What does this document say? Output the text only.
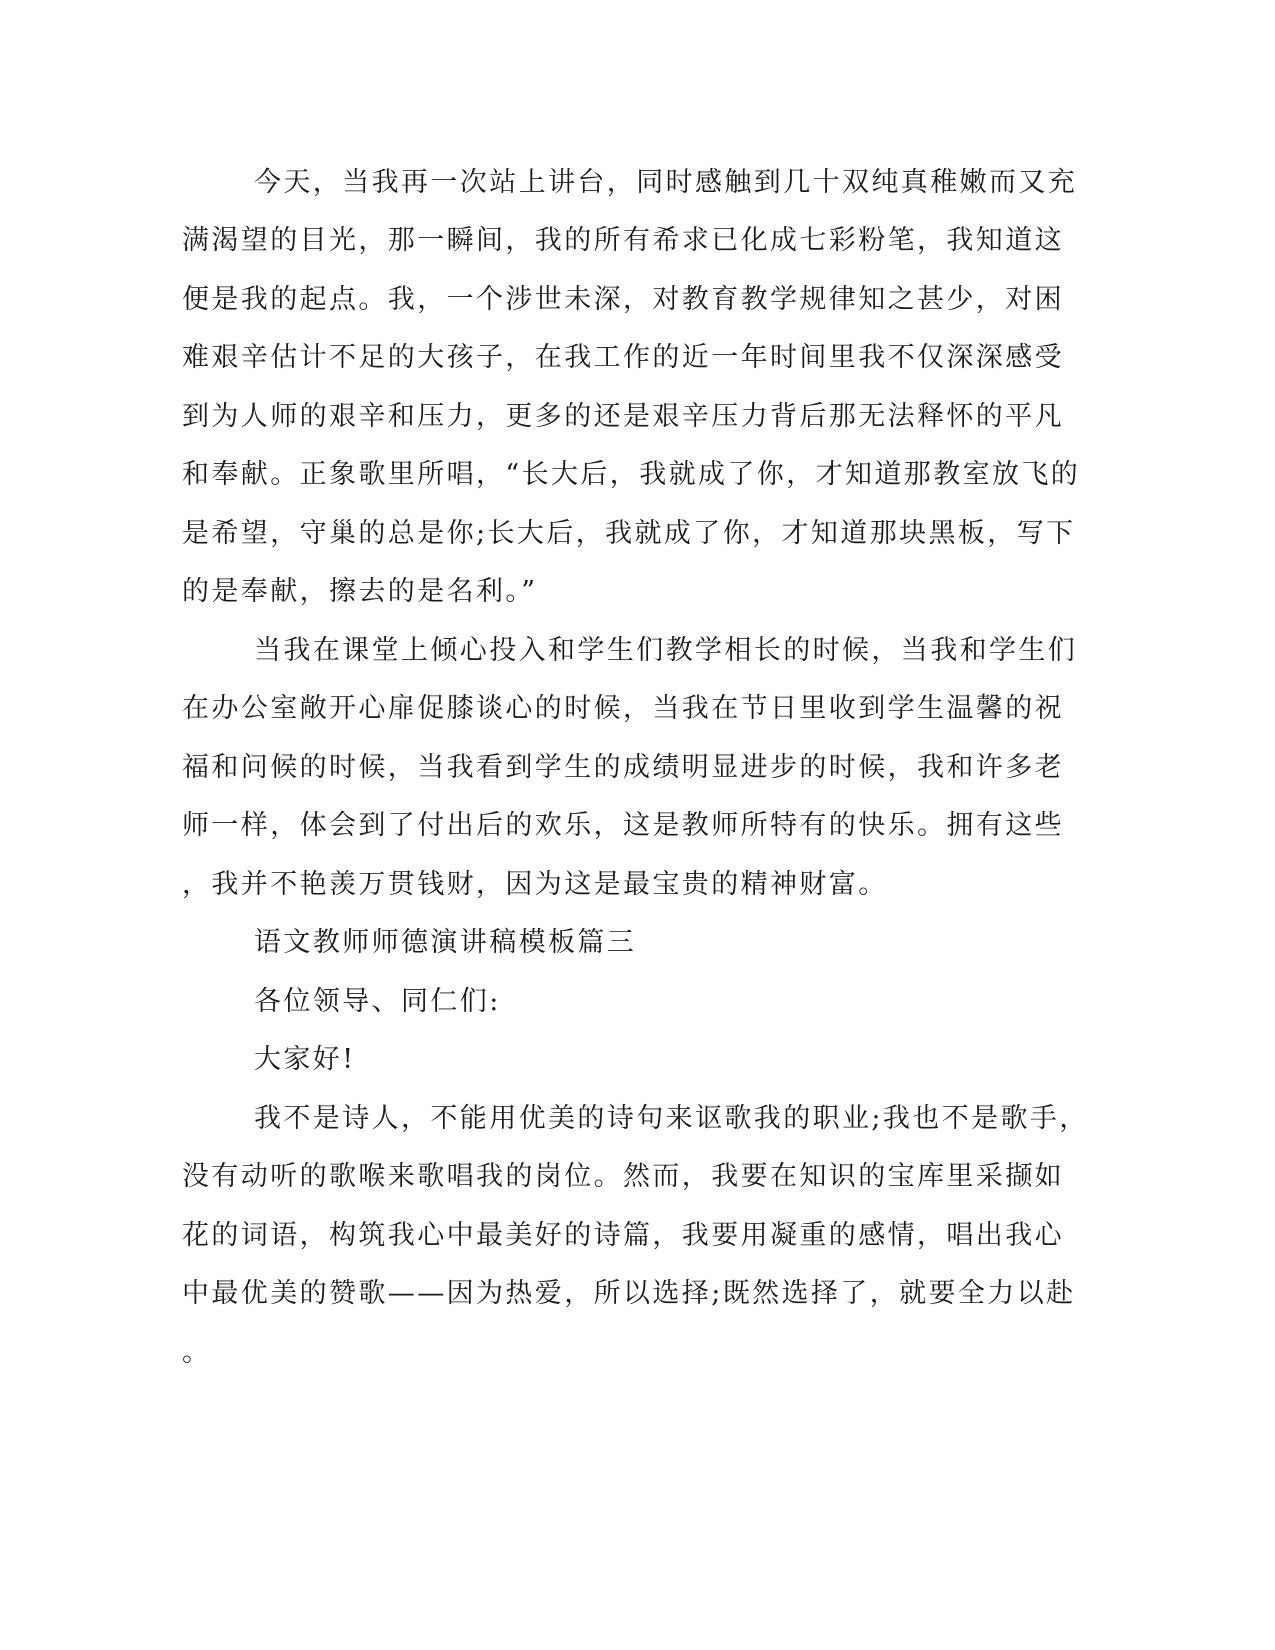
今天，当我再一次站上讲台，同时感触到几十双纯真稚嫩而又充
满渴望的目光，那一瞬间，我的所有希求已化成七彩粉笔，我知道这
便是我的起点。我，一个涉世未深，对教育教学规律知之甚少，对困
难艰辛估计不足的大孩子，在我工作的近一年时间里我不仅深深感受
到为人师的艰辛和压力，更多的还是艰辛压力背后那无法释怀的平凡
和奉献。正象歌里所唱，“长大后，我就成了你，才知道那教室放飞的
是希望，守巢的总是你;长大后，我就成了你，才知道那块黑板，写下
的是奉献，擦去的是名利。”
当我在课堂上倾心投入和学生们教学相长的时候，当我和学生们
在办公室敞开心扉促膝谈心的时候，当我在节日里收到学生温馨的祝
福和问候的时候，当我看到学生的成绩明显进步的时候，我和许多老
师一样，体会到了付出后的欢乐，这是教师所特有的快乐。拥有这些
，我并不艳羡万贯钱财，因为这是最宝贵的精神财富。
语文教师师德演讲稿模板篇三
各位领导、同仁们:
大家好!
我不是诗人，不能用优美的诗句来讴歌我的职业;我也不是歌手，
没有动听的歌喉来歌唱我的岗位。然而，我要在知识的宝库里采撷如
花的词语，构筑我心中最美好的诗篇，我要用凝重的感情，唱出我心
中最优美的赞歌——因为热爱，所以选择;既然选择了，就要全力以赴
。
